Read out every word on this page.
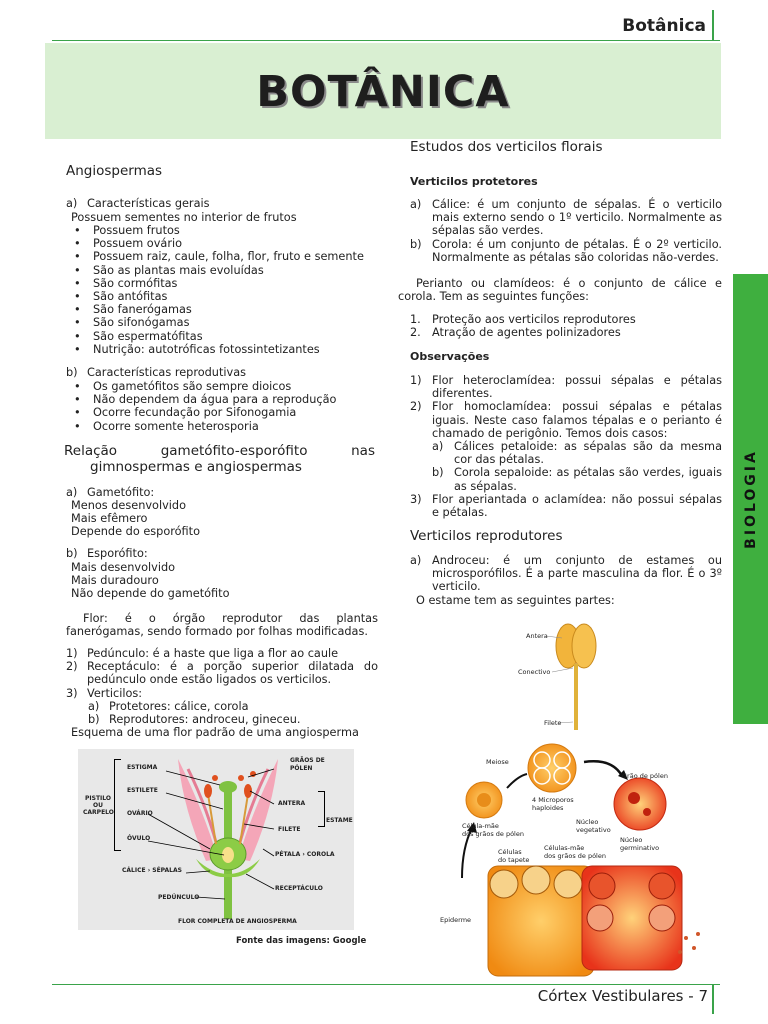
Botânica
BOTÂNICA
BIOLOGIA
Angiospermas
a) Características gerais
Possuem sementes no interior de frutos
•	Possuem frutos
•	Possuem ovário
•	Possuem raiz, caule, folha, flor, fruto e semente
•	São as plantas mais evoluídas
•	São cormófitas
•	São antófitas
•	São fanerógamas
•	São sifonógamas
•	São espermatófitas
•	Nutrição: autotróficas fotossintetizantes
b) Características reprodutivas
•	Os gametófitos são sempre dioicos
•	Não dependem da água para a reprodução
•	Ocorre fecundação por Sifonogamia
•	Ocorre somente heterosporia
Relação	gametófito-esporófito	nas
gimnospermas e angiospermas
a) Gametófito:
Menos desenvolvido
Mais efêmero
Depende do esporófito
b) Esporófito:
Mais desenvolvido
Mais duradouro
Não depende do gametófito
Flor: é o órgão reprodutor das plantas fanerógamas, sendo formado por folhas modificadas.
1) Pedúnculo: é a haste que liga a flor ao caule
2) Receptáculo: é a porção superior dilatada do pedúnculo onde estão ligados os verticilos.
3) Verticilos:
a) Protetores: cálice, corola
b) Reprodutores: androceu, gineceu.
Esquema de uma flor padrão de uma angiosperma
ESTIGMA
GRÃOS DE
PÓLEN
ESTILETE
PISTILO
OU
CARPELO
ANTERA
OVÁRIO
ESTAME
FILETE
ÓVULO
PÉTALA › COROLA
CÁLICE › SÉPALAS
RECEPTÁCULO
PEDÚNCULO
FLOR COMPLETA DE ANGIOSPERMA
Fonte das imagens: Google
Estudos dos verticilos florais
Verticilos protetores
a) Cálice: é um conjunto de sépalas. É o verticilo mais externo sendo o 1º verticilo. Normalmente as sépalas são verdes.
b) Corola: é um conjunto de pétalas. É o 2º verticilo. Normalmente as pétalas são coloridas não-verdes.
Perianto ou clamídeos: é o conjunto de cálice e corola. Tem as seguintes funções:
1. Proteção aos verticilos reprodutores
2. Atração de agentes polinizadores
Observações
1) Flor heteroclamídea: possui sépalas e pétalas diferentes.
2) Flor homoclamídea: possui sépalas e pétalas iguais. Neste caso falamos tépalas e o perianto é chamado de perigônio. Temos dois casos:
a) Cálices petaloide: as sépalas são da mesma cor das pétalas.
b) Corola sepaloide: as pétalas são verdes, iguais as sépalas.
3) Flor aperiantada o aclamídea: não possui sépalas e pétalas.
Verticilos reprodutores
a) Androceu: é um conjunto de estames ou microsporófilos. É a parte masculina da flor. É o 3º verticilo.
O estame tem as seguintes partes:
Antera
Conectivo
Filete
Meiose
4 Microporos
haploides
Grão de pólen
Célula-mãe
dos grãos de pólen
Núcleo
vegetativo
Núcleo
germinativo
Células
do tapete
Células-mãe
dos grãos de pólen
Epiderme
Córtex Vestibulares - 7
